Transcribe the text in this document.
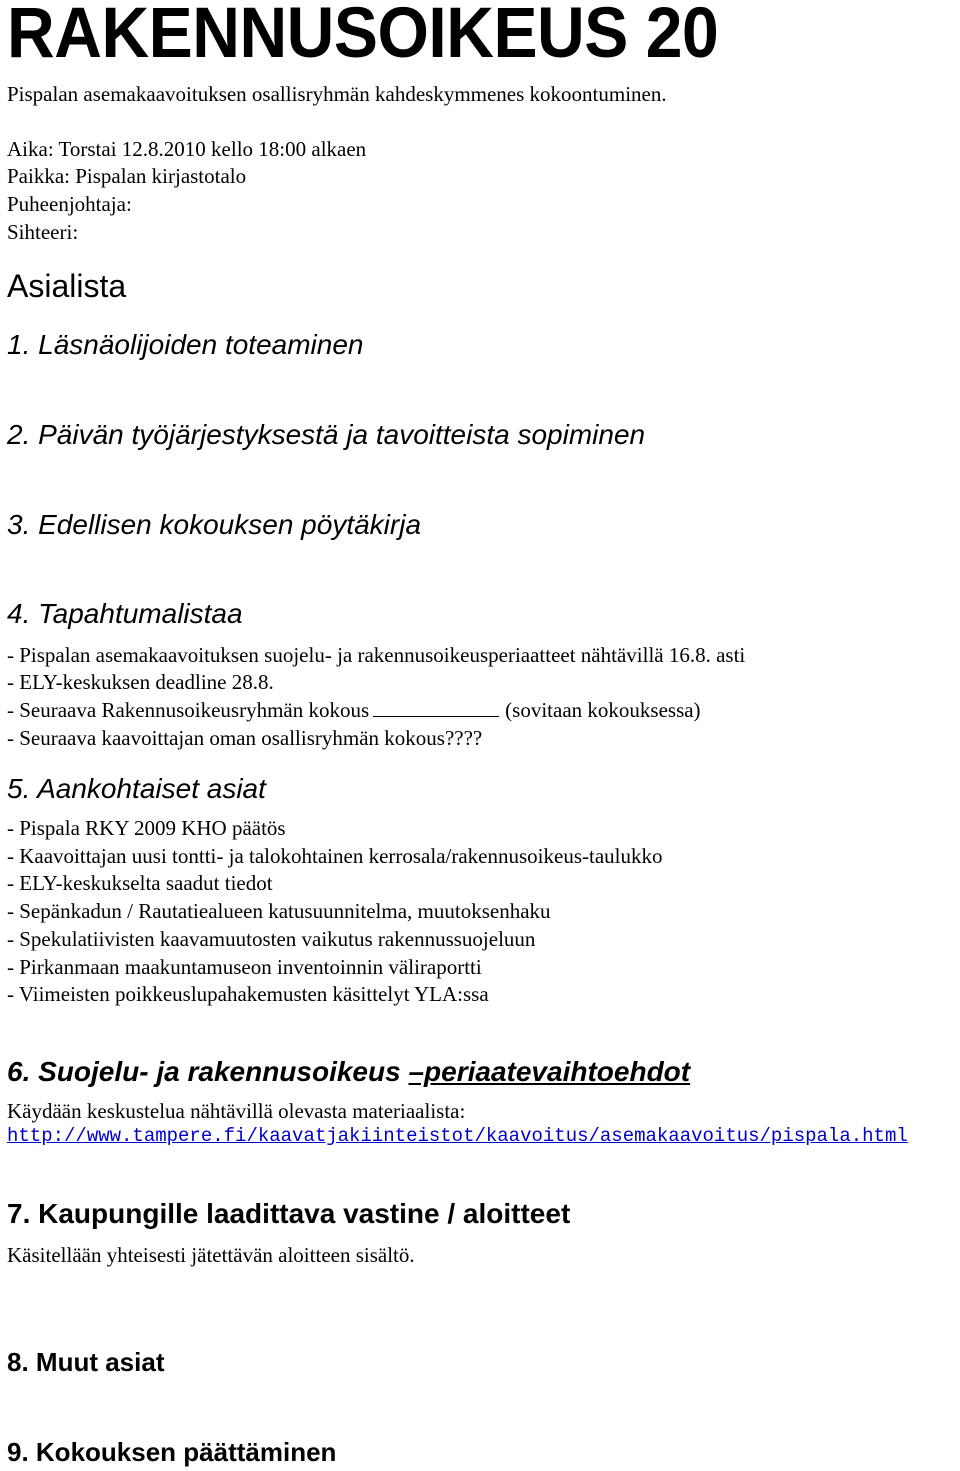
RAKENNUSOIKEUS 20

Pispalan asemakaavoituksen osallisryhmän kahdeskymmenes kokoontuminen.

Aika: Torstai 12.8.2010 kello 18:00 alkaen

Paikka: Pispalan kirjastotalo

Puheenjohtaja:

Sihteeri:

Asialista
1. Läsnäolijoiden toteaminen
2. Päivän työjärjestyksestä ja tavoitteista sopiminen
3. Edellisen kokouksen pöytäkirja
4. Tapahtumalistaa

- Pispalan asemakaavoituksen suojelu- ja rakennusoikeusperiaatteet nähtävillä 16.8. asti

- ELY-keskuksen deadline 28.8.

- Seuraava Rakennusoikeusryhmän kokous	(sovitaan kokouksessa)

- Seuraava kaavoittajan oman osallisryhmän kokous????

5. Aankohtaiset asiat

- Pispala RKY 2009 KHO päätös

- Kaavoittajan uusi tontti- ja talokohtainen kerrosala/rakennusoikeus-taulukko

- ELY-keskukselta saadut tiedot

- Sepänkadun / Rautatiealueen katusuunnitelma, muutoksenhaku

- Spekulatiivisten kaavamuutosten vaikutus rakennussuojeluun

- Pirkanmaan maakuntamuseon inventoinnin väliraportti

- Viimeisten poikkeuslupahakemusten käsittelyt YLA:ssa

6. Suojelu- ja rakennusoikeus –periaatevaihtoehdot

Käydään keskustelua nähtävillä olevasta materiaalista:

http://www.tampere.fi/kaavatjakiinteistot/kaavoitus/asemakaavoitus/pispala.html
7. Kaupungille laadittava vastine / aloitteet

Käsitellään yhteisesti jätettävän aloitteen sisältö.

8. Muut asiat
9. Kokouksen päättäminen
